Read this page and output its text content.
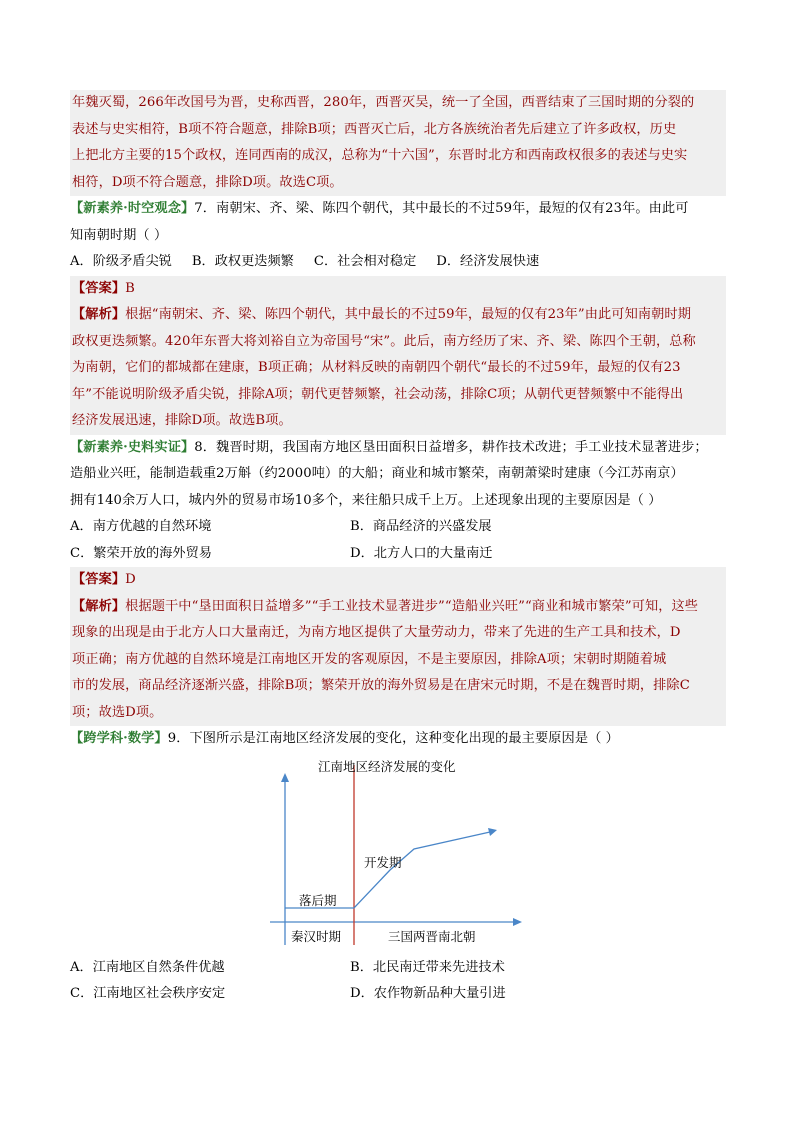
年魏灭蜀，266年改国号为晋，史称西晋，280年，西晋灭吴，统一了全国，西晋结束了三国时期的分裂的
表述与史实相符，B项不符合题意，排除B项；西晋灭亡后，北方各族统治者先后建立了许多政权，历史
上把北方主要的15个政权，连同西南的成汉，总称为“十六国”，东晋时北方和西南政权很多的表述与史实
相符，D项不符合题意，排除D项。故选C项。
【新素养·时空观念】7．南朝宋、齐、梁、陈四个朝代，其中最长的不过59年，最短的仅有23年。由此可
知南朝时期（ ）
A．阶级矛盾尖锐 B．政权更迭频繁 C．社会相对稳定 D．经济发展快速
【答案】B
【解析】根据“南朝宋、齐、梁、陈四个朝代，其中最长的不过59年，最短的仅有23年”由此可知南朝时期
政权更迭频繁。420年东晋大将刘裕自立为帝国号“宋”。此后，南方经历了宋、齐、梁、陈四个王朝，总称
为南朝，它们的都城都在建康，B项正确；从材料反映的南朝四个朝代“最长的不过59年，最短的仅有23
年”不能说明阶级矛盾尖锐，排除A项；朝代更替频繁，社会动荡，排除C项；从朝代更替频繁中不能得出
经济发展迅速，排除D项。故选B项。
【新素养·史料实证】8．魏晋时期，我国南方地区垦田面积日益增多，耕作技术改进；手工业技术显著进步；
造船业兴旺，能制造载重2万斛（约2000吨）的大船；商业和城市繁荣，南朝萧梁时建康（今江苏南京）
拥有140余万人口，城内外的贸易市场10多个，来往船只成千上万。上述现象出现的主要原因是（ ）
A．南方优越的自然环境	B．商品经济的兴盛发展
C．繁荣开放的海外贸易	D．北方人口的大量南迁
【答案】D
【解析】根据题干中“垦田面积日益增多”“手工业技术显著进步”“造船业兴旺”“商业和城市繁荣”可知，这些
现象的出现是由于北方人口大量南迁，为南方地区提供了大量劳动力，带来了先进的生产工具和技术，D
项正确；南方优越的自然环境是江南地区开发的客观原因，不是主要原因，排除A项；宋朝时期随着城
市的发展，商品经济逐渐兴盛，排除B项；繁荣开放的海外贸易是在唐宋元时期，不是在魏晋时期，排除C
项；故选D项。
【跨学科·数学】9．下图所示是江南地区经济发展的变化，这种变化出现的最主要原因是（ ）
江南地区经济发展的变化
落后期
开发期
秦汉时期	三国两晋南北朝
A．江南地区自然条件优越	B．北民南迁带来先进技术
C．江南地区社会秩序安定	D．农作物新品种大量引进
